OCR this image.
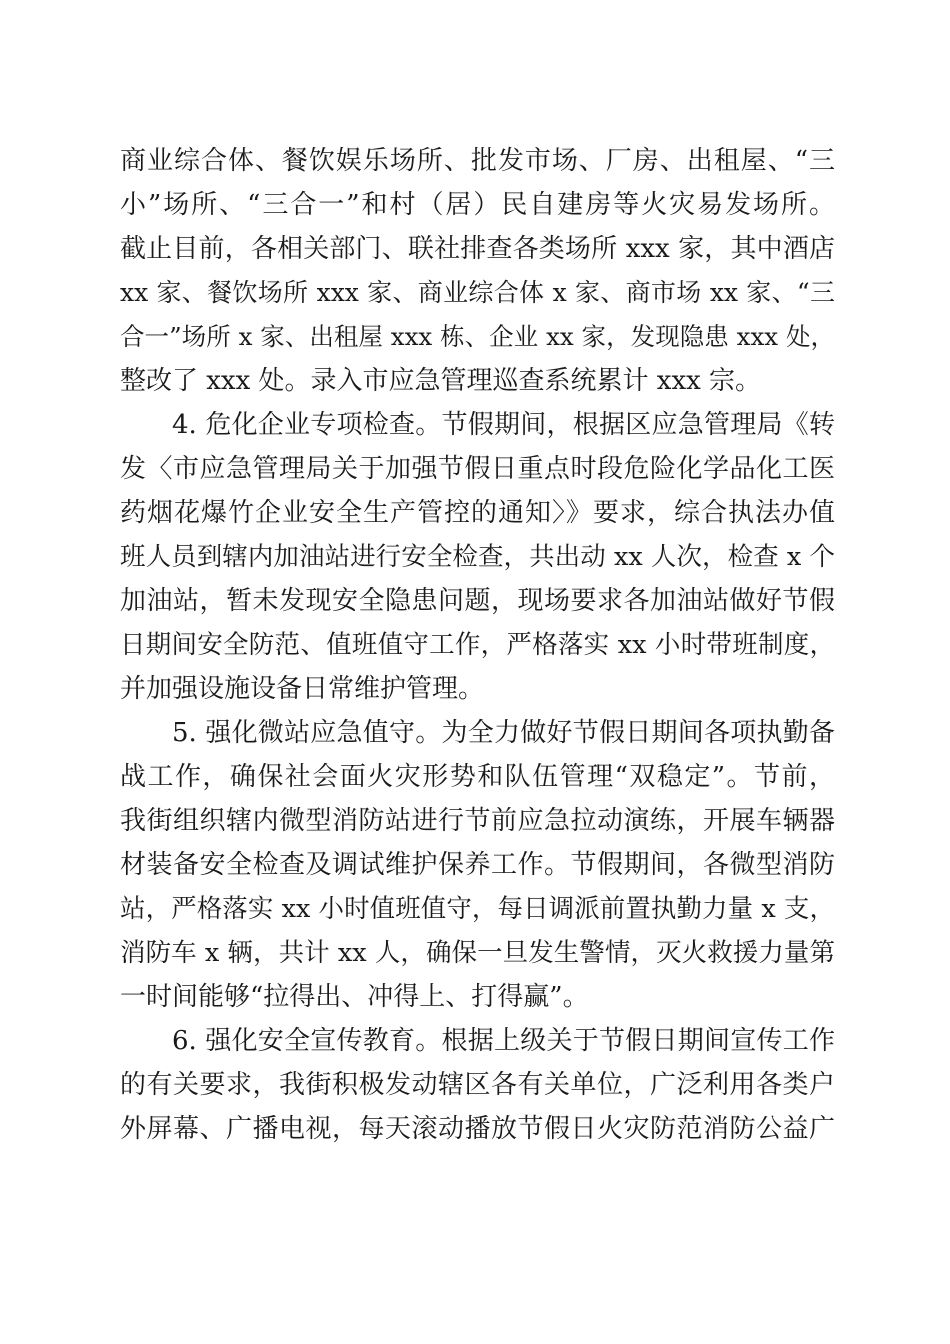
商业综合体、餐饮娱乐场所、批发市场、厂房、出租屋、“三
小”场所、“三合一”和村（居）民自建房等火灾易发场所。
截止目前，各相关部门、联社排查各类场所 xxx 家，其中酒店
xx 家、餐饮场所 xxx 家、商业综合体 x 家、商市场 xx 家、“三
合一”场所 x 家、出租屋 xxx 栋、企业 xx 家，发现隐患 xxx 处，
整改了 xxx 处。录入市应急管理巡查系统累计 xxx 宗。
4. 危化企业专项检查。节假期间，根据区应急管理局《转
发〈市应急管理局关于加强节假日重点时段危险化学品化工医
药烟花爆竹企业安全生产管控的通知〉》要求，综合执法办值
班人员到辖内加油站进行安全检查，共出动 xx 人次，检查 x 个
加油站，暂未发现安全隐患问题，现场要求各加油站做好节假
日期间安全防范、值班值守工作，严格落实 xx 小时带班制度，
并加强设施设备日常维护管理。
5. 强化微站应急值守。为全力做好节假日期间各项执勤备
战工作，确保社会面火灾形势和队伍管理“双稳定”。节前，
我街组织辖内微型消防站进行节前应急拉动演练，开展车辆器
材装备安全检查及调试维护保养工作。节假期间，各微型消防
站，严格落实 xx 小时值班值守，每日调派前置执勤力量 x 支，
消防车 x 辆，共计 xx 人，确保一旦发生警情，灭火救援力量第
一时间能够“拉得出、冲得上、打得赢”。
6. 强化安全宣传教育。根据上级关于节假日期间宣传工作
的有关要求，我街积极发动辖区各有关单位，广泛利用各类户
外屏幕、广播电视，每天滚动播放节假日火灾防范消防公益广
